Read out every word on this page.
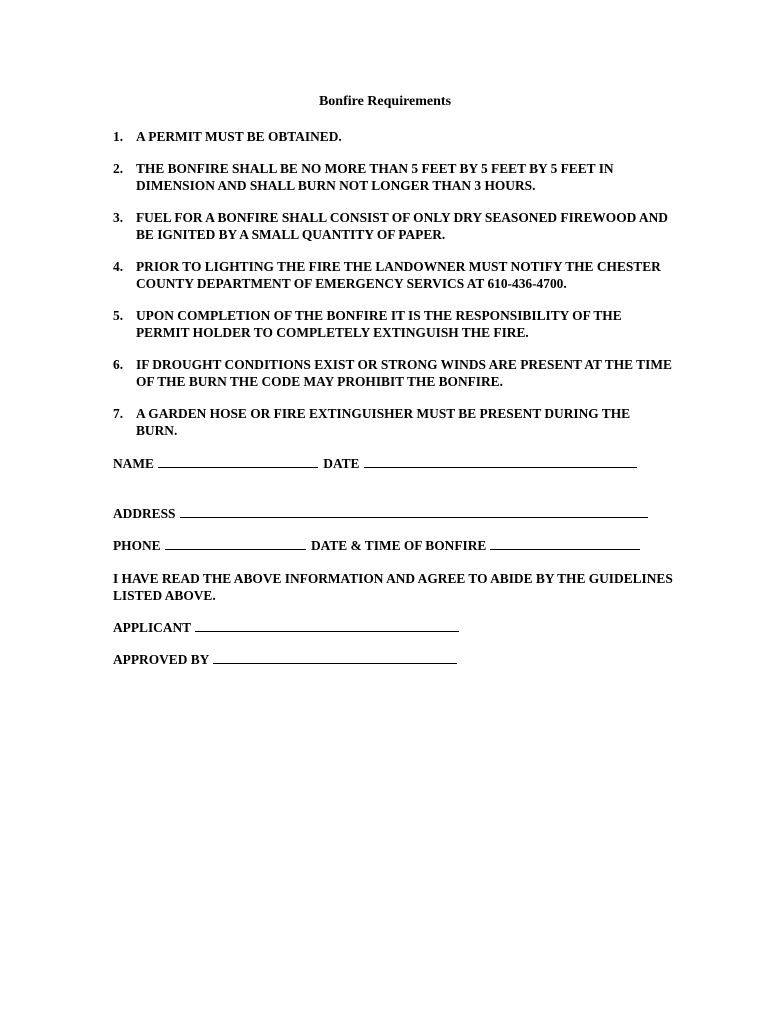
Bonfire Requirements
1. A PERMIT MUST BE OBTAINED.
2. THE BONFIRE SHALL BE NO MORE THAN 5 FEET BY 5 FEET BY 5 FEET IN DIMENSION AND SHALL BURN NOT LONGER THAN 3 HOURS.
3. FUEL FOR A BONFIRE SHALL CONSIST OF ONLY DRY SEASONED FIREWOOD AND BE IGNITED BY A SMALL QUANTITY OF PAPER.
4. PRIOR TO LIGHTING THE FIRE THE LANDOWNER MUST NOTIFY THE CHESTER COUNTY DEPARTMENT OF EMERGENCY SERVICS AT 610-436-4700.
5. UPON COMPLETION OF THE BONFIRE IT IS THE RESPONSIBILITY OF THE PERMIT HOLDER TO COMPLETELY EXTINGUISH THE FIRE.
6. IF DROUGHT CONDITIONS EXIST OR STRONG WINDS ARE PRESENT AT THE TIME OF THE BURN THE CODE MAY PROHIBIT THE BONFIRE.
7. A GARDEN HOSE OR FIRE EXTINGUISHER MUST BE PRESENT DURING THE BURN.
NAME	DATE
ADDRESS
PHONE	DATE & TIME OF BONFIRE
I HAVE READ THE ABOVE INFORMATION AND AGREE TO ABIDE BY THE GUIDELINES LISTED ABOVE.
APPLICANT
APPROVED BY
